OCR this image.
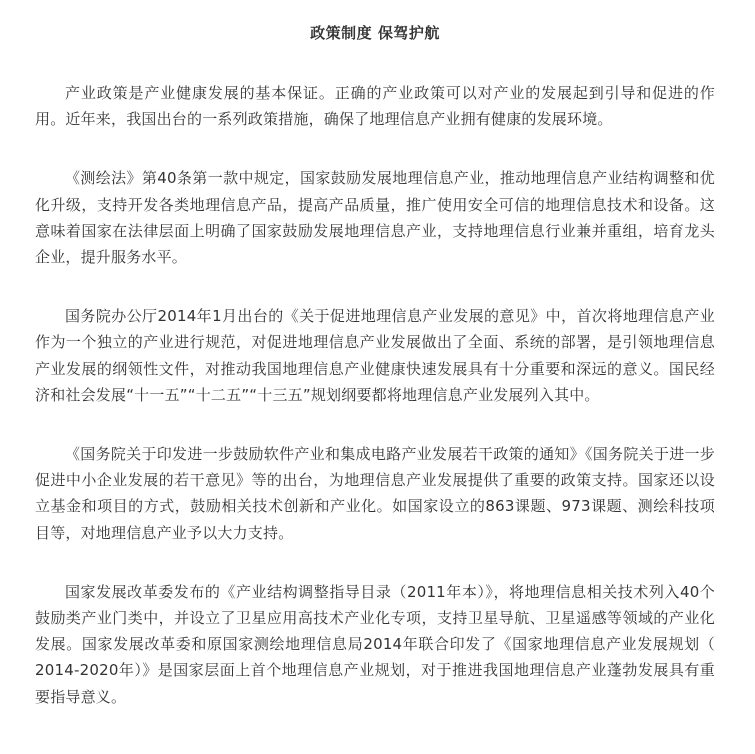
政策制度 保驾护航

产业政策是产业健康发展的基本保证。正确的产业政策可以对产业的发展起到引导和促进的作用。近年来，我国出台的一系列政策措施，确保了地理信息产业拥有健康的发展环境。

《测绘法》第40条第一款中规定，国家鼓励发展地理信息产业，推动地理信息产业结构调整和优化升级，支持开发各类地理信息产品，提高产品质量，推广使用安全可信的地理信息技术和设备。这意味着国家在法律层面上明确了国家鼓励发展地理信息产业，支持地理信息行业兼并重组，培育龙头企业，提升服务水平。

国务院办公厅2014年1月出台的《关于促进地理信息产业发展的意见》中，首次将地理信息产业作为一个独立的产业进行规范，对促进地理信息产业发展做出了全面、系统的部署，是引领地理信息产业发展的纲领性文件，对推动我国地理信息产业健康快速发展具有十分重要和深远的意义。国民经济和社会发展“十一五”“十二五”“十三五”规划纲要都将地理信息产业发展列入其中。

《国务院关于印发进一步鼓励软件产业和集成电路产业发展若干政策的通知》《国务院关于进一步促进中小企业发展的若干意见》等的出台，为地理信息产业发展提供了重要的政策支持。国家还以设立基金和项目的方式，鼓励相关技术创新和产业化。如国家设立的863课题、973课题、测绘科技项目等，对地理信息产业予以大力支持。

国家发展改革委发布的《产业结构调整指导目录（2011年本）》，将地理信息相关技术列入40个鼓励类产业门类中，并设立了卫星应用高技术产业化专项，支持卫星导航、卫星遥感等领域的产业化发展。国家发展改革委和原国家测绘地理信息局2014年联合印发了《国家地理信息产业发展规划（ 2014-2020年）》是国家层面上首个地理信息产业规划，对于推进我国地理信息产业蓬勃发展具有重要指导意义。
